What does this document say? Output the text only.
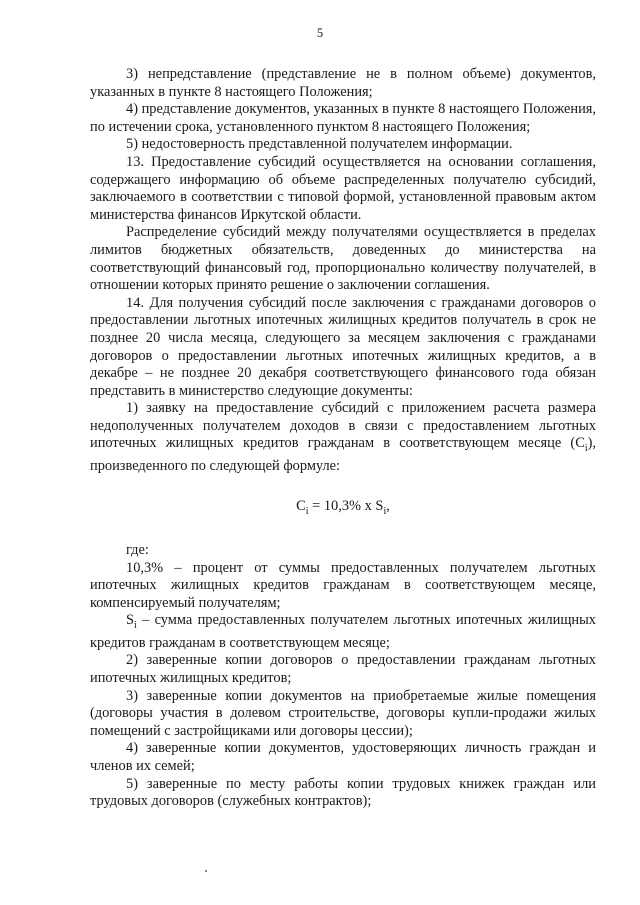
5

3) непредставление (представление не в полном объеме) документов, указанных в пункте 8 настоящего Положения;

4) представление документов, указанных в пункте 8 настоящего Положения, по истечении срока, установленного пунктом 8 настоящего Положения;

5) недостоверность представленной получателем информации.

13. Предоставление субсидий осуществляется на основании соглашения, содержащего информацию об объеме распределенных получателю субсидий, заключаемого в соответствии с типовой формой, установленной правовым актом министерства финансов Иркутской области.

Распределение субсидий между получателями осуществляется в пределах лимитов бюджетных обязательств, доведенных до министерства на соответствующий финансовый год, пропорционально количеству получателей, в отношении которых принято решение о заключении соглашения.

14. Для получения субсидий после заключения с гражданами договоров о предоставлении льготных ипотечных жилищных кредитов получатель в срок не позднее 20 числа месяца, следующего за месяцем заключения с гражданами договоров о предоставлении льготных ипотечных жилищных кредитов, а в декабре – не позднее 20 декабря соответствующего финансового года обязан представить в министерство следующие документы:

1) заявку на предоставление субсидий с приложением расчета размера недополученных получателем доходов в связи с предоставлением льготных ипотечных жилищных кредитов гражданам в соответствующем месяце $(C_i)$, произведенного по следующей формуле:

$C_i = 10,3\%$ х $S_i$,

где:

10,3% – процент от суммы предоставленных получателем льготных ипотечных жилищных кредитов гражданам в соответствующем месяце, компенсируемый получателям;

$S_i$ – сумма предоставленных получателем льготных ипотечных жилищных кредитов гражданам в соответствующем месяце;

2) заверенные копии договоров о предоставлении гражданам льготных ипотечных жилищных кредитов;

3) заверенные копии документов на приобретаемые жилые помещения (договоры участия в долевом строительстве, договоры купли-продажи жилых помещений с застройщиками или договоры цессии);

4) заверенные копии документов, удостоверяющих личность граждан и членов их семей;

5) заверенные по месту работы копии трудовых книжек граждан или трудовых договоров (служебных контрактов);
